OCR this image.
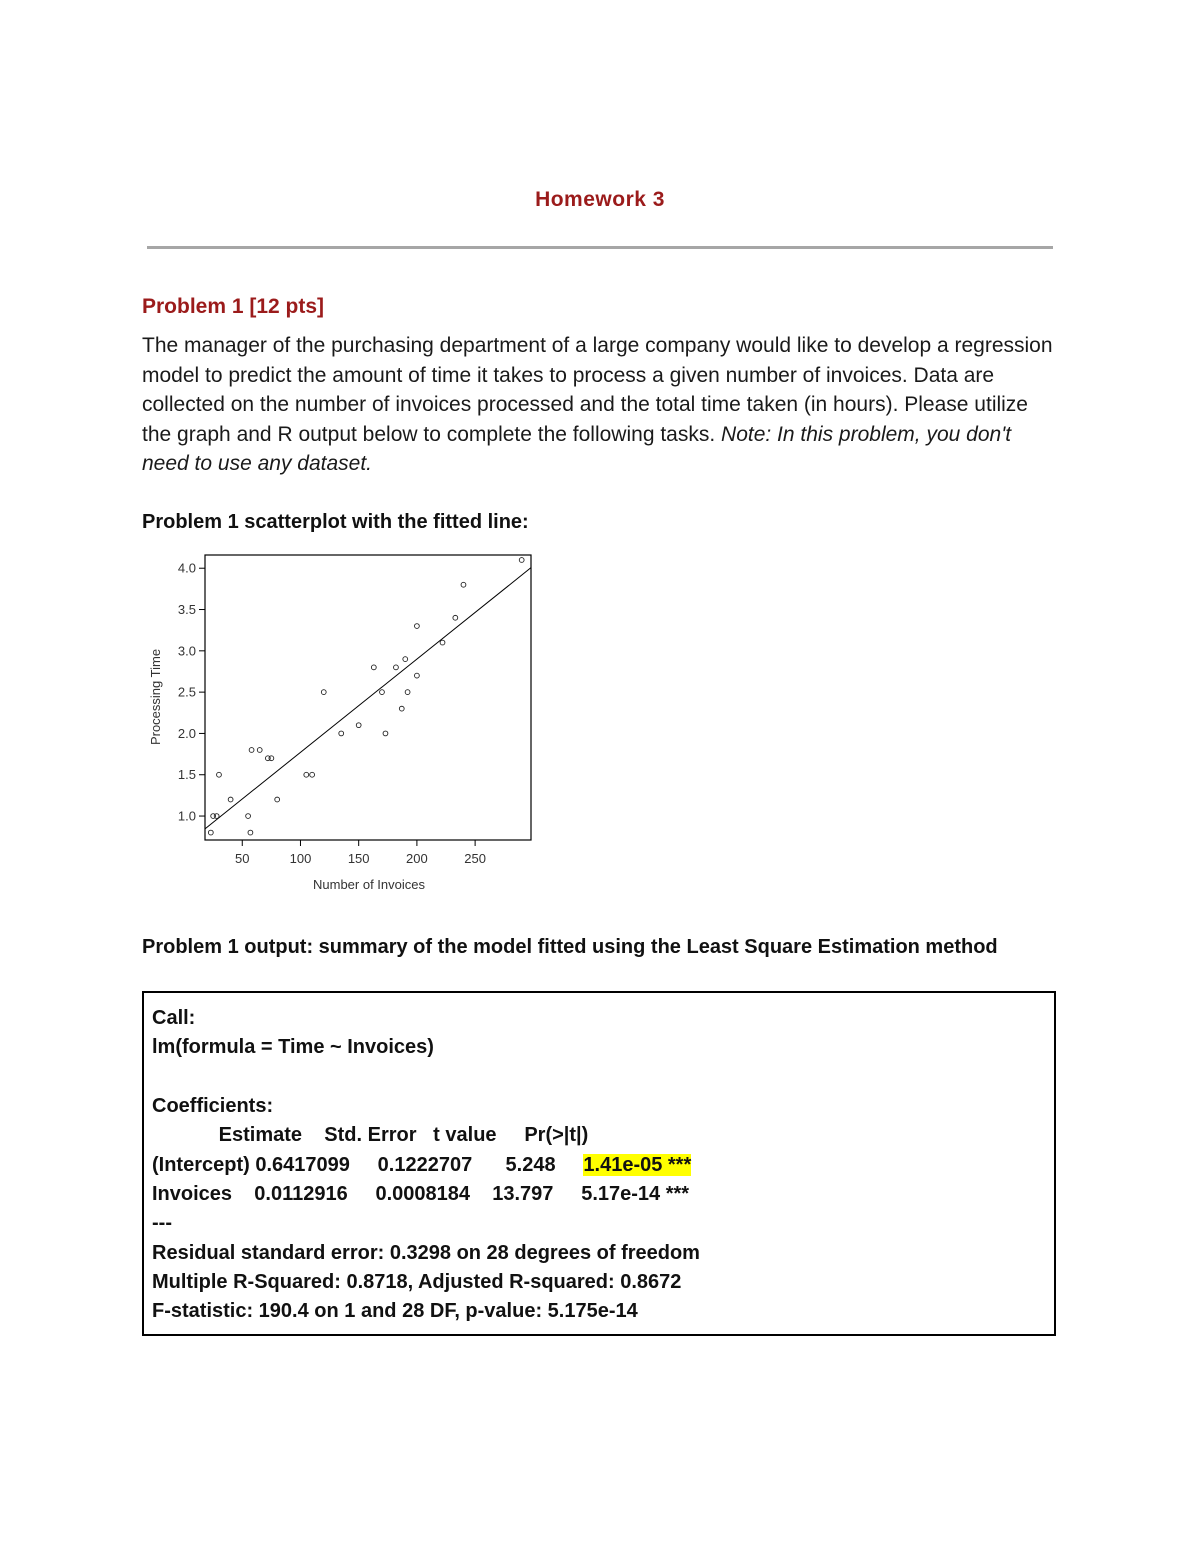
Homework 3
Problem 1 [12 pts]
The manager of the purchasing department of a large company would like to develop a regression model to predict the amount of time it takes to process a given number of invoices. Data are collected on the number of invoices processed and the total time taken (in hours). Please utilize the graph and R output below to complete the following tasks. Note: In this problem, you don't need to use any dataset.
Problem 1 scatterplot with the fitted line:
50	100	150	200	250
1.0
1.5
2.0
2.5
3.0
3.5
4.0
Number of Invoices
Processing Time
Problem 1 output: summary of the model fitted using the Least Square Estimation method
Call:
lm(formula = Time ~ Invoices)
Coefficients:
Estimate    Std. Error   t value     Pr(>|t|)
(Intercept) 0.6417099     0.1222707      5.248     1.41e-05 ***
Invoices    0.0112916     0.0008184    13.797     5.17e-14 ***
---
Residual standard error: 0.3298 on 28 degrees of freedom
Multiple R-Squared: 0.8718, Adjusted R-squared: 0.8672
F-statistic: 190.4 on 1 and 28 DF, p-value: 5.175e-14
